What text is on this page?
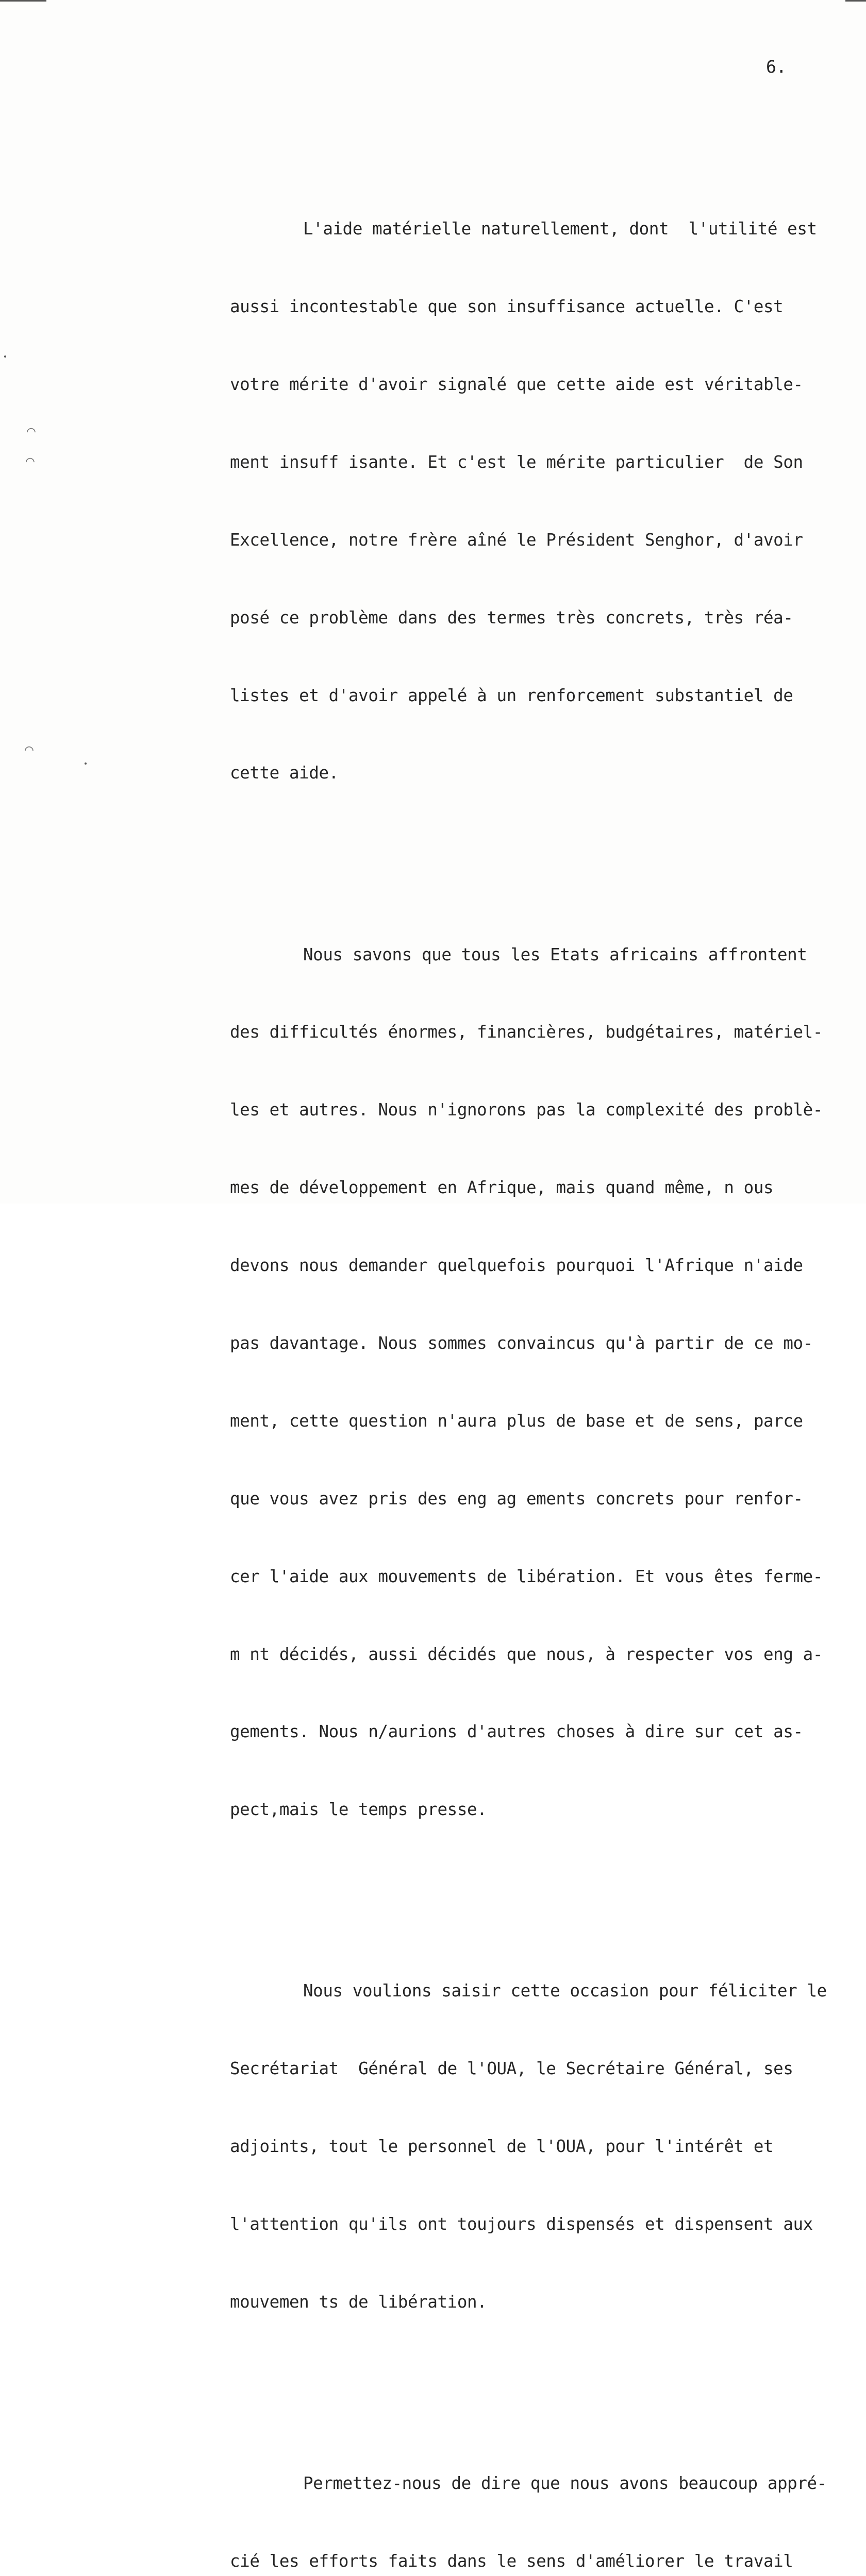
6.
⌒
⌒
⌒

L'aide matérielle naturellement, dont  l'utilité est

aussi incontestable que son insuffisance actuelle. C'est

votre mérite d'avoir signalé que cette aide est véritable-

ment insuff isante. Et c'est le mérite particulier  de Son

Excellence, notre frère aîné le Président Senghor, d'avoir

posé ce problème dans des termes très concrets, très réa-

listes et d'avoir appelé à un renforcement substantiel de

cette aide.

Nous savons que tous les Etats africains affrontent

des difficultés énormes, financières, budgétaires, matériel-

les et autres. Nous n'ignorons pas la complexité des problè-

mes de développement en Afrique, mais quand même, n ous

devons nous demander quelquefois pourquoi l'Afrique n'aide

pas davantage. Nous sommes convaincus qu'à partir de ce mo-

ment, cette question n'aura plus de base et de sens, parce

que vous avez pris des eng ag ements concrets pour renfor-

cer l'aide aux mouvements de libération. Et vous êtes ferme-

m nt décidés, aussi décidés que nous, à respecter vos eng a-

gements. Nous n/aurions d'autres choses à dire sur cet as-

pect,mais le temps presse.

Nous voulions saisir cette occasion pour féliciter le

Secrétariat  Général de l'OUA, le Secrétaire Général, ses

adjoints, tout le personnel de l'OUA, pour l'intérêt et

l'attention qu'ils ont toujours dispensés et dispensent aux

mouvemen ts de libération.

Permettez-nous de dire que nous avons beaucoup appré-

cié les efforts faits dans le sens d'améliorer le travail
